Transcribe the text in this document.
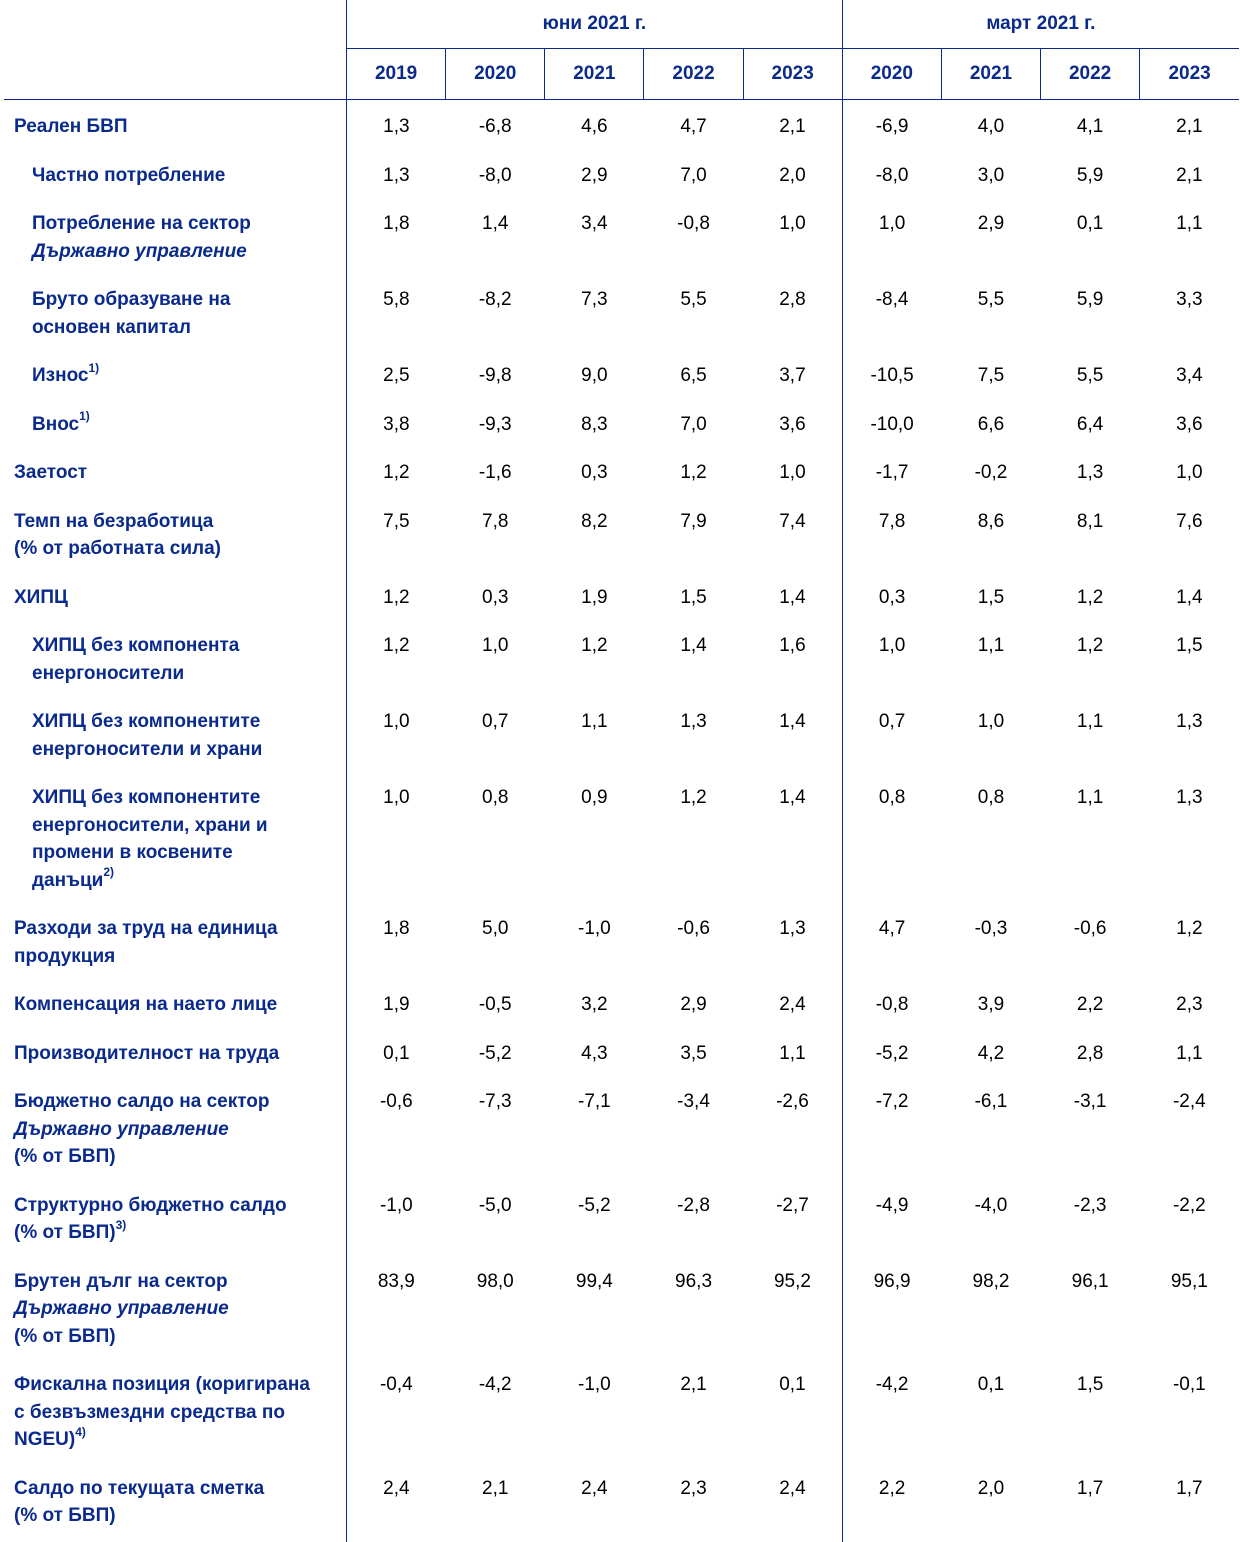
	юни 2021 г.					март 2021 г.			
	2019	2020	2021	2022	2023	2020	2021	2022	2023
Реален БВП	1,3	-6,8	4,6	4,7	2,1	-6,9	4,0	4,1	2,1
Частно потребление	1,3	-8,0	2,9	7,0	2,0	-8,0	3,0	5,9	2,1
Потребление на сектор
Държавно управление	1,8	1,4	3,4	-0,8	1,0	1,0	2,9	0,1	1,1
Бруто образуване на
основен капитал	5,8	-8,2	7,3	5,5	2,8	-8,4	5,5	5,9	3,3
Износ$^{1)}$	2,5	-9,8	9,0	6,5	3,7	-10,5	7,5	5,5	3,4
Внос$^{1)}$	3,8	-9,3	8,3	7,0	3,6	-10,0	6,6	6,4	3,6
Заетост	1,2	-1,6	0,3	1,2	1,0	-1,7	-0,2	1,3	1,0
Темп на безработица
(% от работната сила)	7,5	7,8	8,2	7,9	7,4	7,8	8,6	8,1	7,6
ХИПЦ	1,2	0,3	1,9	1,5	1,4	0,3	1,5	1,2	1,4
ХИПЦ без компонента
енергоносители	1,2	1,0	1,2	1,4	1,6	1,0	1,1	1,2	1,5
ХИПЦ без компонентите
енергоносители и храни	1,0	0,7	1,1	1,3	1,4	0,7	1,0	1,1	1,3
ХИПЦ без компонентите
енергоносители, храни и
промени в косвените
данъци$^{2)}$	1,0	0,8	0,9	1,2	1,4	0,8	0,8	1,1	1,3
Разходи за труд на единица
продукция	1,8	5,0	-1,0	-0,6	1,3	4,7	-0,3	-0,6	1,2
Компенсация на наето лице	1,9	-0,5	3,2	2,9	2,4	-0,8	3,9	2,2	2,3
Производителност на труда	0,1	-5,2	4,3	3,5	1,1	-5,2	4,2	2,8	1,1
Бюджетно салдо на сектор
Държавно управление
(% от БВП)	-0,6	-7,3	-7,1	-3,4	-2,6	-7,2	-6,1	-3,1	-2,4
Структурно бюджетно салдо
(% от БВП)$^{3)}$	-1,0	-5,0	-5,2	-2,8	-2,7	-4,9	-4,0	-2,3	-2,2
Брутен дълг на сектор
Държавно управление
(% от БВП)	83,9	98,0	99,4	96,3	95,2	96,9	98,2	96,1	95,1
Фискална позиция (коригирана
с безвъзмездни средства по
NGEU)$^{4)}$	-0,4	-4,2	-1,0	2,1	0,1	-4,2	0,1	1,5	-0,1
Салдо по текущата сметка
(% от БВП)	2,4	2,1	2,4	2,3	2,4	2,2	2,0	1,7	1,7
